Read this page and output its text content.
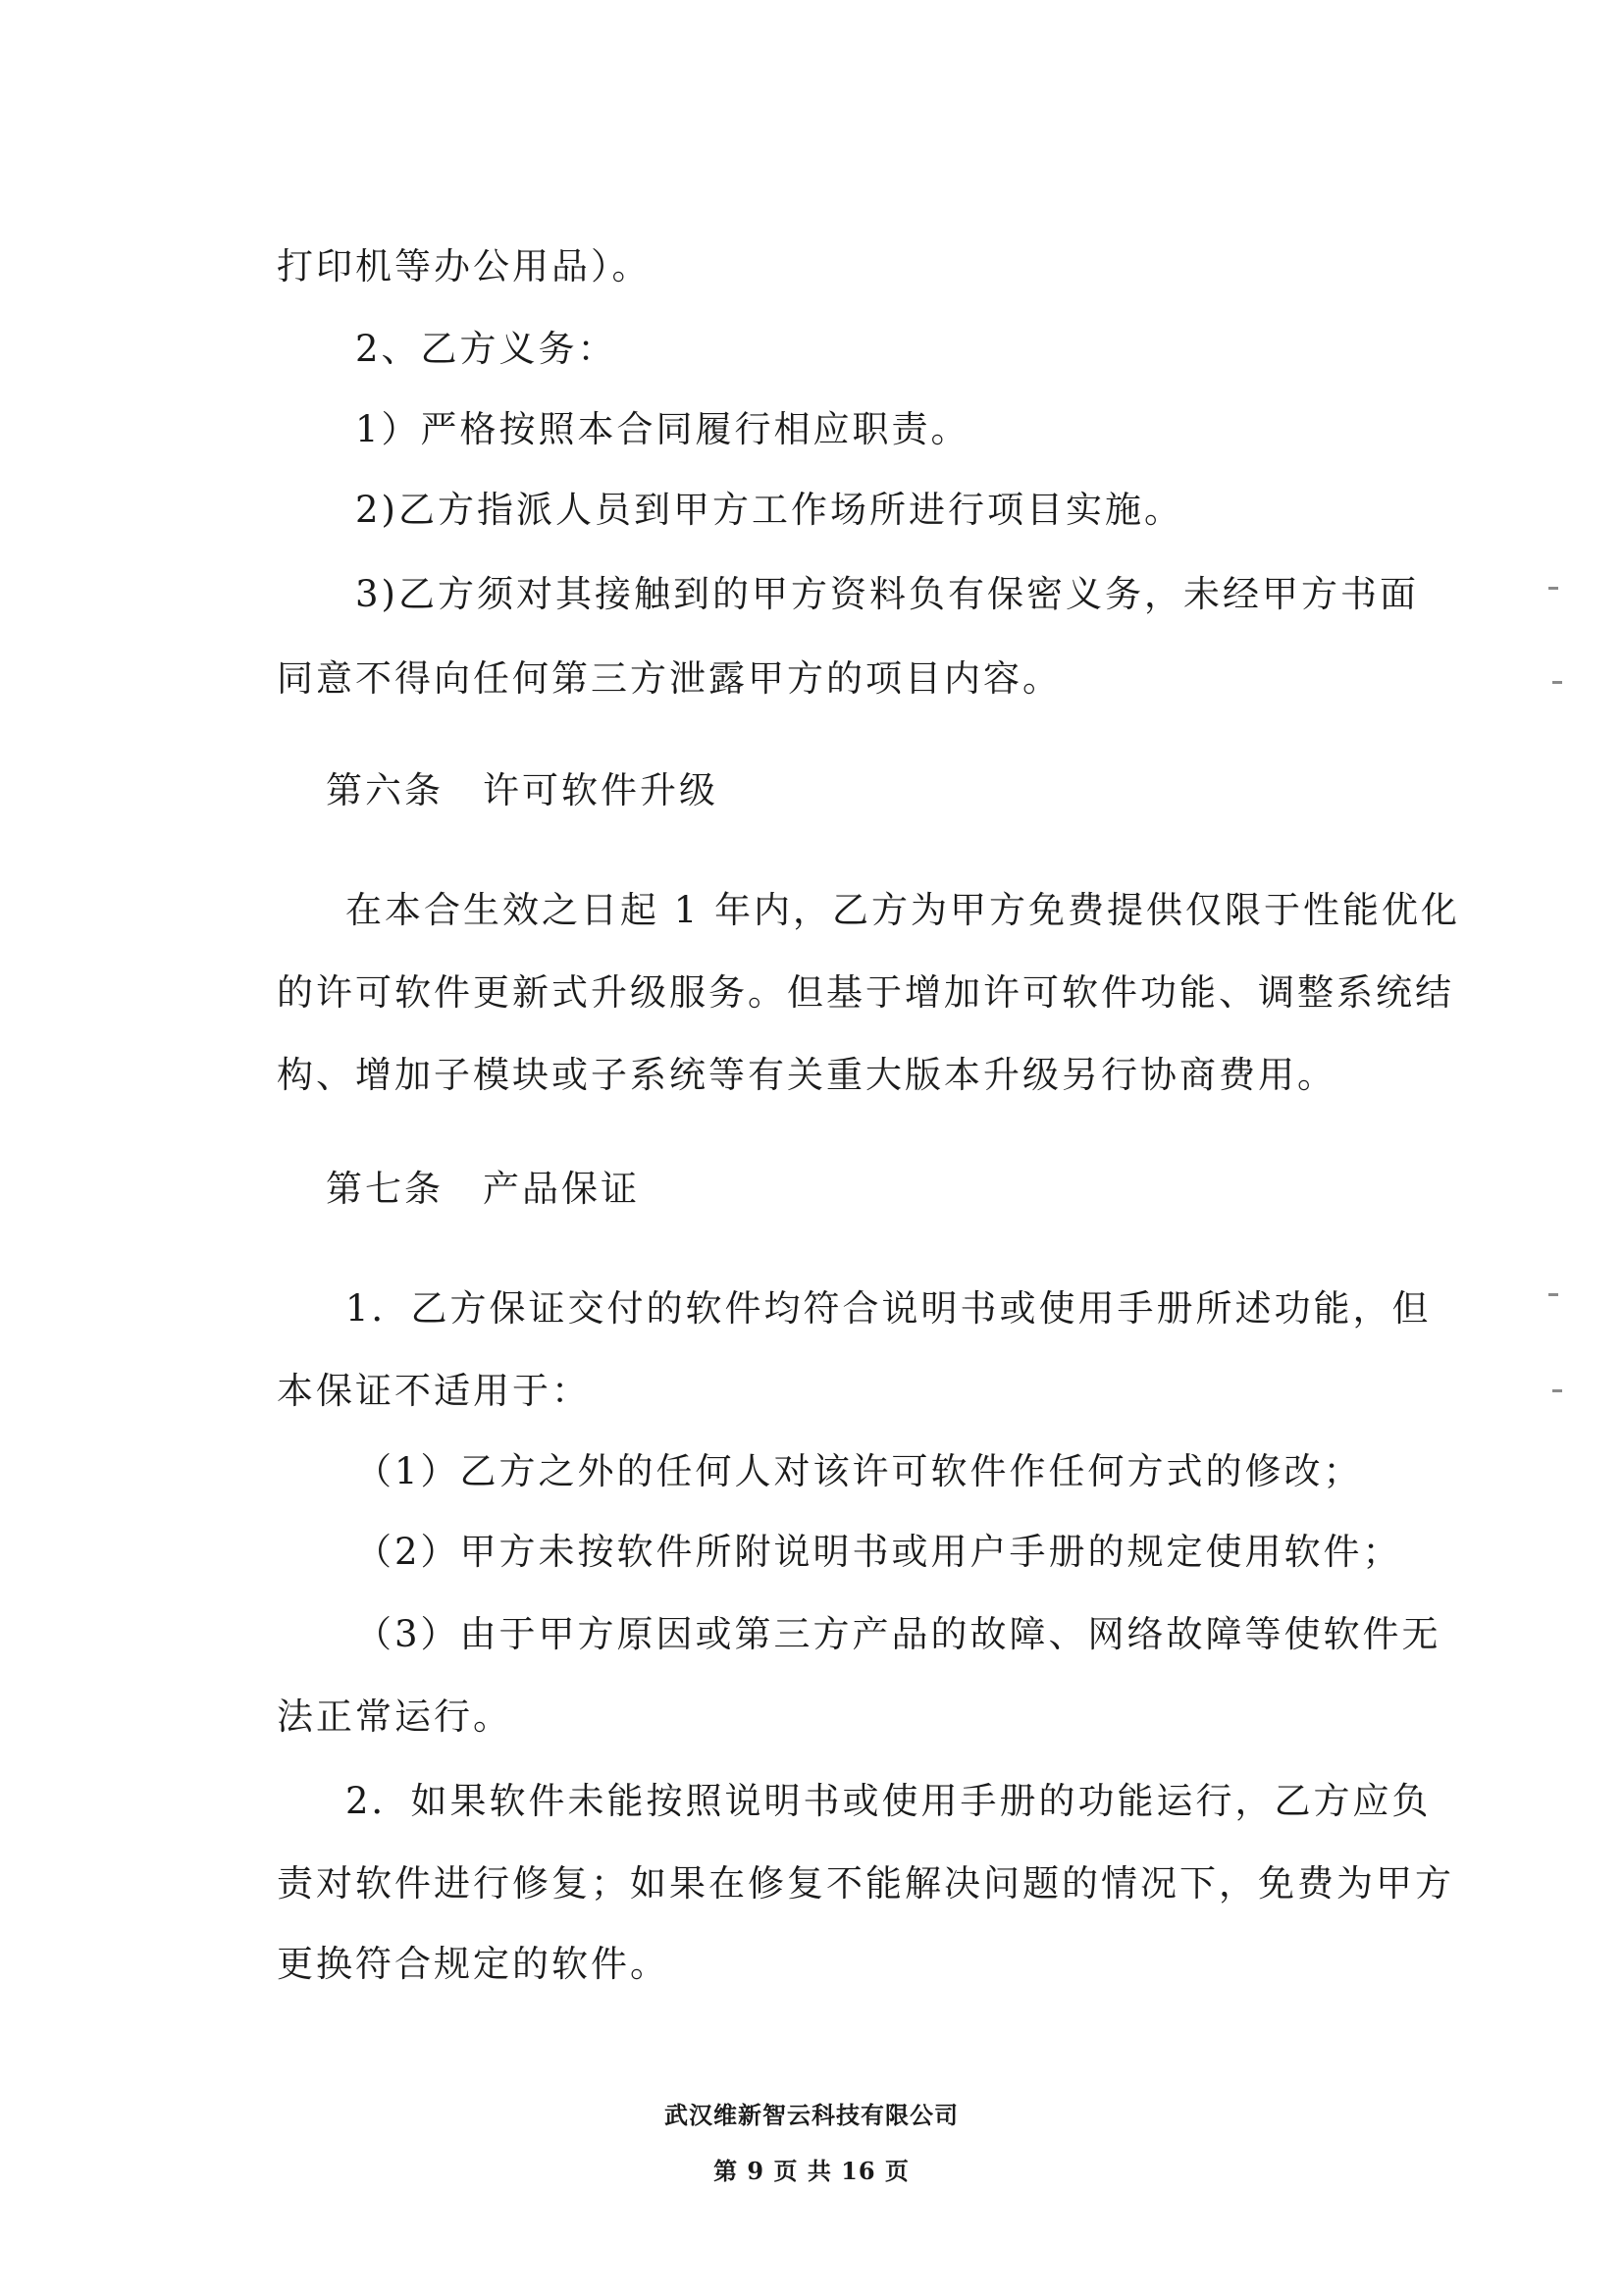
打印机等办公用品）。
2、乙方义务：
1）严格按照本合同履行相应职责。
2)乙方指派人员到甲方工作场所进行项目实施。
3)乙方须对其接触到的甲方资料负有保密义务，未经甲方书面
同意不得向任何第三方泄露甲方的项目内容。
第六条　许可软件升级
在本合生效之日起 1 年内，乙方为甲方免费提供仅限于性能优化
的许可软件更新式升级服务。但基于增加许可软件功能、调整系统结
构、增加子模块或子系统等有关重大版本升级另行协商费用。
第七条　产品保证
1．乙方保证交付的软件均符合说明书或使用手册所述功能，但
本保证不适用于：
（1）乙方之外的任何人对该许可软件作任何方式的修改；
（2）甲方未按软件所附说明书或用户手册的规定使用软件；
（3）由于甲方原因或第三方产品的故障、网络故障等使软件无
法正常运行。
2．如果软件未能按照说明书或使用手册的功能运行，乙方应负
责对软件进行修复；如果在修复不能解决问题的情况下，免费为甲方
更换符合规定的软件。
武汉维新智云科技有限公司
第 9 页 共 16 页
